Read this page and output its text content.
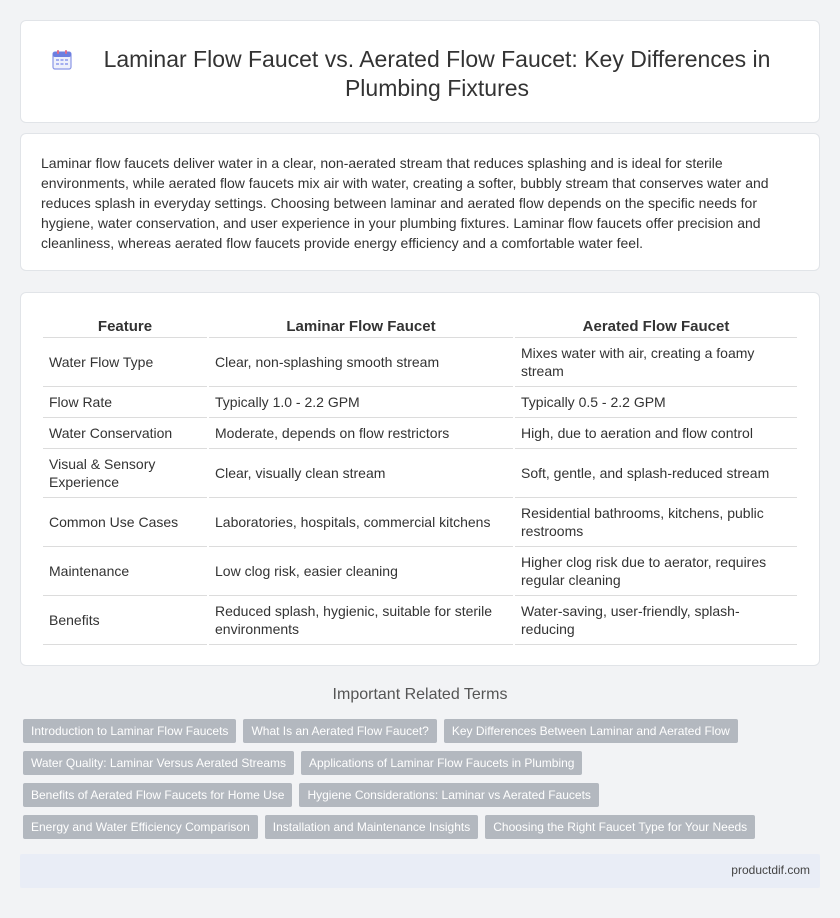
Laminar Flow Faucet vs. Aerated Flow Faucet: Key Differences in Plumbing Fixtures

Laminar flow faucets deliver water in a clear, non-aerated stream that reduces splashing and is ideal for sterile environments, while aerated flow faucets mix air with water, creating a softer, bubbly stream that conserves water and reduces splash in everyday settings. Choosing between laminar and aerated flow depends on the specific needs for hygiene, water conservation, and user experience in your plumbing fixtures. Laminar flow faucets offer precision and cleanliness, whereas aerated flow faucets provide energy efficiency and a comfortable water feel.

Feature	Laminar Flow Faucet	Aerated Flow Faucet
Water Flow Type	Clear, non-splashing smooth stream	Mixes water with air, creating a foamy stream
Flow Rate	Typically 1.0 - 2.2 GPM	Typically 0.5 - 2.2 GPM
Water Conservation	Moderate, depends on flow restrictors	High, due to aeration and flow control
Visual & Sensory Experience	Clear, visually clean stream	Soft, gentle, and splash-reduced stream
Common Use Cases	Laboratories, hospitals, commercial kitchens	Residential bathrooms, kitchens, public restrooms
Maintenance	Low clog risk, easier cleaning	Higher clog risk due to aerator, requires regular cleaning
Benefits	Reduced splash, hygienic, suitable for sterile environments	Water-saving, user-friendly, splash-reducing
Important Related Terms
Introduction to Laminar Flow Faucets	What Is an Aerated Flow Faucet?	Key Differences Between Laminar and Aerated Flow
Water Quality: Laminar Versus Aerated Streams	Applications of Laminar Flow Faucets in Plumbing
Benefits of Aerated Flow Faucets for Home Use	Hygiene Considerations: Laminar vs Aerated Faucets
Energy and Water Efficiency Comparison	Installation and Maintenance Insights	Choosing the Right Faucet Type for Your Needs
productdif.com
